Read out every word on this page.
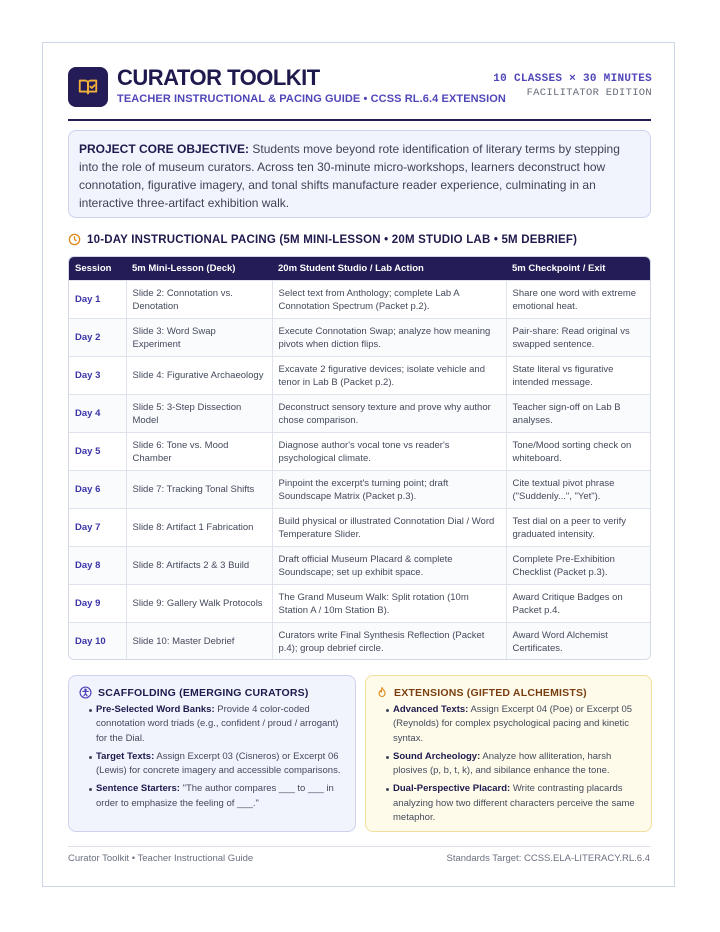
CURATOR TOOLKIT
TEACHER INSTRUCTIONAL & PACING GUIDE • CCSS RL.6.4 EXTENSION
10 CLASSES × 30 MINUTES
FACILITATOR EDITION
PROJECT CORE OBJECTIVE: Students move beyond rote identification of literary terms by stepping into the role of museum curators. Across ten 30-minute micro-workshops, learners deconstruct how connotation, figurative imagery, and tonal shifts manufacture reader experience, culminating in an interactive three-artifact exhibition walk.
10-DAY INSTRUCTIONAL PACING (5M MINI-LESSON • 20M STUDIO LAB • 5M DEBRIEF)
Session	5m Mini-Lesson (Deck)	20m Student Studio / Lab Action	5m Checkpoint / Exit
Day 1	Slide 2: Connotation vs. Denotation	Select text from Anthology; complete Lab A Connotation Spectrum (Packet p.2).	Share one word with extreme emotional heat.
Day 2	Slide 3: Word Swap Experiment	Execute Connotation Swap; analyze how meaning pivots when diction flips.	Pair-share: Read original vs swapped sentence.
Day 3	Slide 4: Figurative Archaeology	Excavate 2 figurative devices; isolate vehicle and tenor in Lab B (Packet p.2).	State literal vs figurative intended message.
Day 4	Slide 5: 3-Step Dissection Model	Deconstruct sensory texture and prove why author chose comparison.	Teacher sign-off on Lab B analyses.
Day 5	Slide 6: Tone vs. Mood Chamber	Diagnose author's vocal tone vs reader's psychological climate.	Tone/Mood sorting check on whiteboard.
Day 6	Slide 7: Tracking Tonal Shifts	Pinpoint the excerpt's turning point; draft Soundscape Matrix (Packet p.3).	Cite textual pivot phrase ("Suddenly...", "Yet").
Day 7	Slide 8: Artifact 1 Fabrication	Build physical or illustrated Connotation Dial / Word Temperature Slider.	Test dial on a peer to verify graduated intensity.
Day 8	Slide 8: Artifacts 2 & 3 Build	Draft official Museum Placard & complete Soundscape; set up exhibit space.	Complete Pre-Exhibition Checklist (Packet p.3).
Day 9	Slide 9: Gallery Walk Protocols	The Grand Museum Walk: Split rotation (10m Station A / 10m Station B).	Award Critique Badges on Packet p.4.
Day 10	Slide 10: Master Debrief	Curators write Final Synthesis Reflection (Packet p.4); group debrief circle.	Award Word Alchemist Certificates.
SCAFFOLDING (EMERGING CURATORS)
Pre-Selected Word Banks: Provide 4 color-coded connotation word triads (e.g., confident / proud / arrogant) for the Dial.
Target Texts: Assign Excerpt 03 (Cisneros) or Excerpt 06 (Lewis) for concrete imagery and accessible comparisons.
Sentence Starters: "The author compares ___ to ___ in order to emphasize the feeling of ___."
EXTENSIONS (GIFTED ALCHEMISTS)
Advanced Texts: Assign Excerpt 04 (Poe) or Excerpt 05 (Reynolds) for complex psychological pacing and kinetic syntax.
Sound Archeology: Analyze how alliteration, harsh plosives (p, b, t, k), and sibilance enhance the tone.
Dual-Perspective Placard: Write contrasting placards analyzing how two different characters perceive the same metaphor.
Curator Toolkit • Teacher Instructional Guide	Standards Target: CCSS.ELA-LITERACY.RL.6.4
